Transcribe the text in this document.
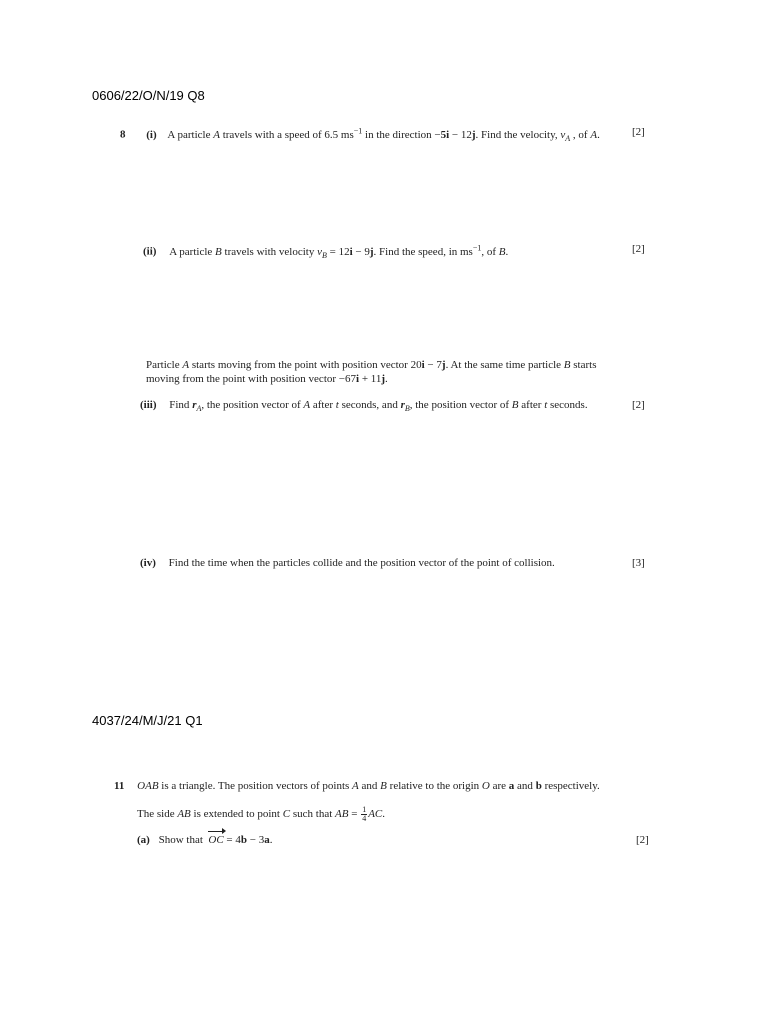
0606/22/O/N/19 Q8
8 (i) A particle A travels with a speed of 6.5 $ms^{-1}$ in the direction −5i − 12j. Find the velocity, $v_A$ , of A.	[2]
(ii) A particle B travels with velocity $v_B = 12i - 9j$. Find the speed, in $ms^{-1}$, of B.	[2]
Particle A starts moving from the point with position vector 20i − 7j. At the same time particle B starts
moving from the point with position vector −67i + 11j.
(iii) Find $r_A$, the position vector of A after t seconds, and $r_B$, the position vector of B after t seconds.	[2]
(iv) Find the time when the particles collide and the position vector of the point of collision.	[3]
4037/24/M/J/21 Q1
11 OAB is a triangle. The position vectors of points A and B relative to the origin O are a and b respectively.
The side AB is extended to point C such that AB = $\frac{1}{4}$ AC.
(a) Show that  OC = 4b − 3a.	[2]
